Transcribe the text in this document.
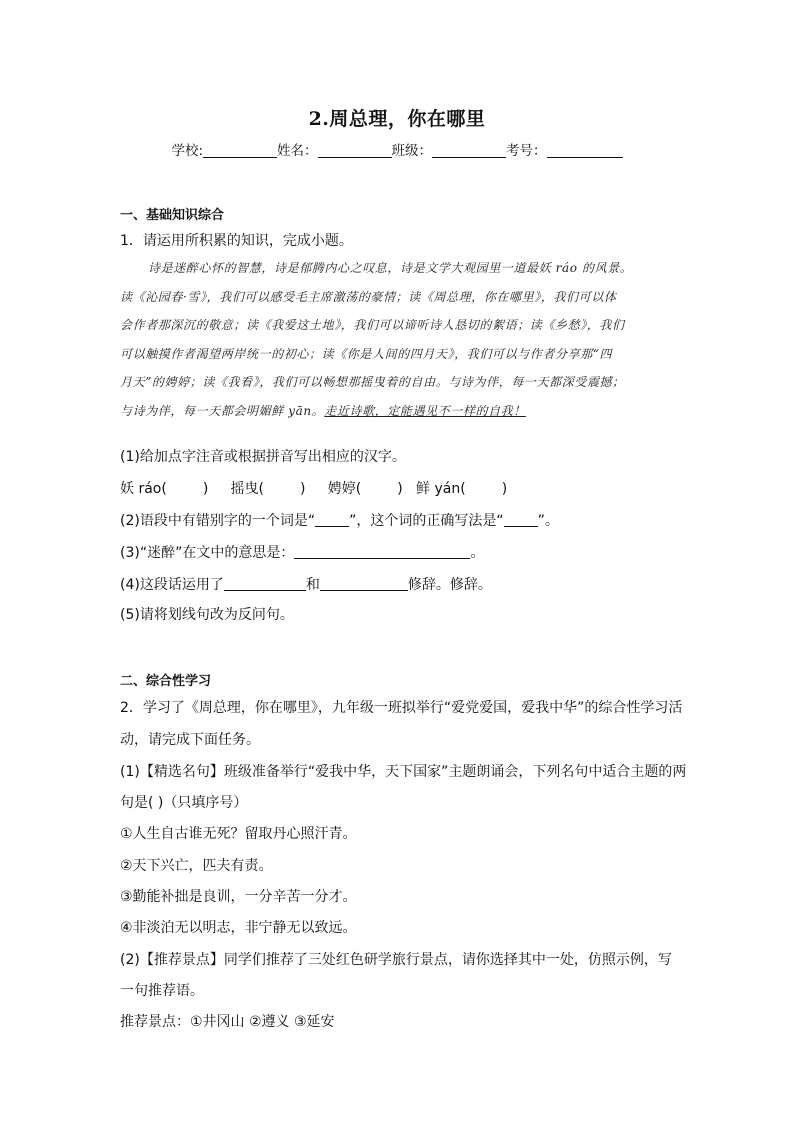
2.周总理，你在哪里
学校:	姓名：	班级：	考号：
一、基础知识综合
1．请运用所积累的知识，完成小题。
诗是迷醉心怀的智慧，诗是郁腾内心之叹息，诗是文学大观园里一道最妖 ráo 的风景。
读《沁园春·雪》，我们可以感受毛主席激荡的豪情；读《周总理，你在哪里》，我们可以体
会作者那深沉的敬意；读《我爱这土地》，我们可以谛听诗人恳切的絮语；读《乡愁》，我们
可以触摸作者渴望两岸统一的初心；读《你是人间的四月天》，我们可以与作者分享那“四
月天”的娉婷；读《我看》，我们可以畅想那摇曳着的自由。与诗为伴，每一天都深受震撼；
与诗为伴，每一天都会明媚鲜 yān。走近诗歌，定能遇见不一样的自我！
(1)给加点字注音或根据拼音写出相应的汉字。
妖 ráo(	) 摇曳(	) 娉婷(	) 鲜 yán(	)
(2)语段中有错别字的一个词是“ ”，这个词的正确写法是“ ”。
(3)“迷醉”在文中的意思是：	。
(4)这段话运用了	和	修辞。修辞。
(5)请将划线句改为反问句。
二、综合性学习
2．学习了《周总理，你在哪里》，九年级一班拟举行“爱党爱国，爱我中华”的综合性学习活
动，请完成下面任务。
(1)【精选名句】班级准备举行“爱我中华，天下国家”主题朗诵会，下列名句中适合主题的两
句是( )（只填序号）
①人生自古谁无死？留取丹心照汗青。
②天下兴亡，匹夫有责。
③勤能补拙是良训，一分辛苦一分才。
④非淡泊无以明志，非宁静无以致远。
(2)【推荐景点】同学们推荐了三处红色研学旅行景点，请你选择其中一处，仿照示例，写
一句推荐语。
推荐景点：①井冈山 ②遵义 ③延安
